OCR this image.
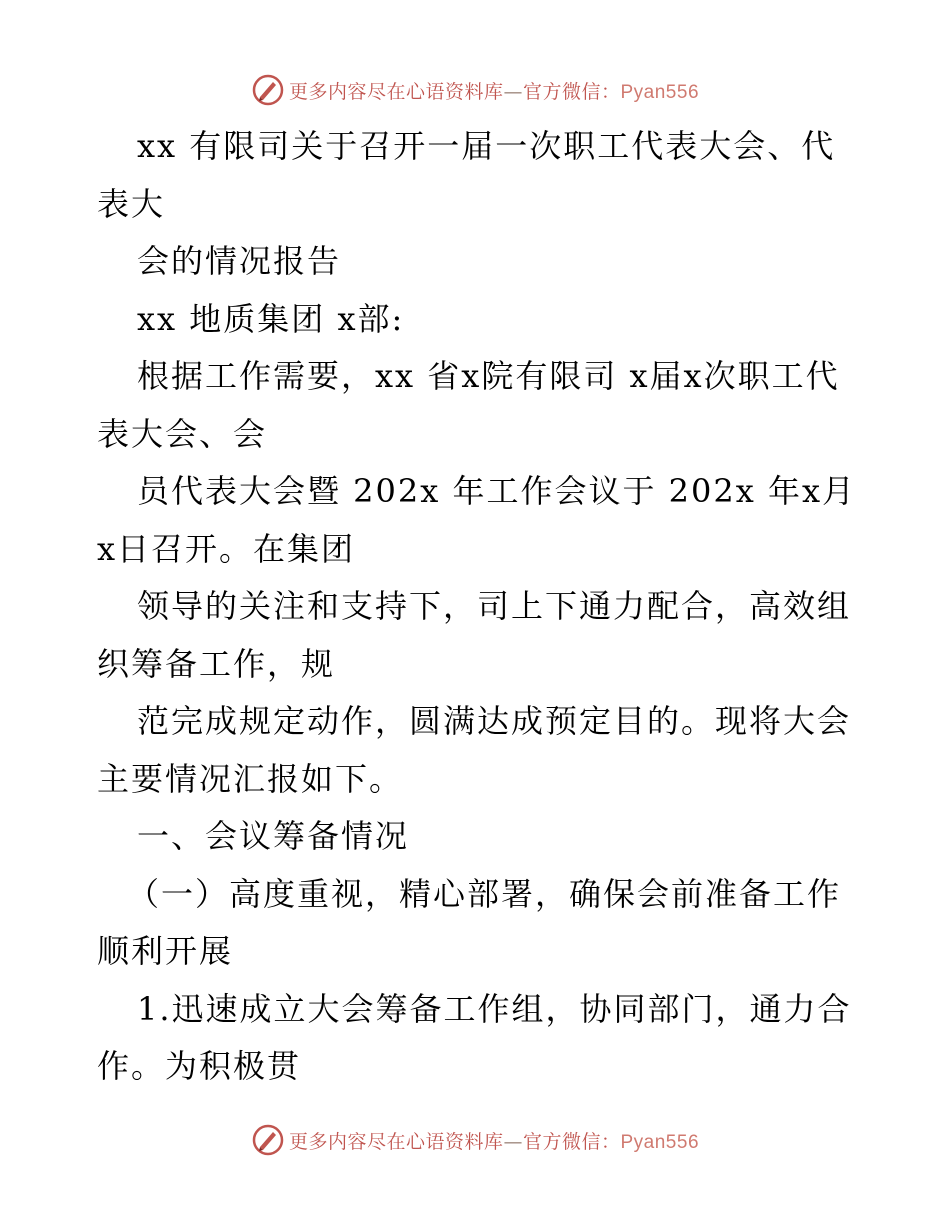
更多内容尽在心语资料库—官方微信：Pyan556

xx 有限司关于召开一届一次职工代表大会、代表大

会的情况报告

xx 地质集团 x部:

根据工作需要，xx 省x院有限司 x届x次职工代表大会、会

员代表大会暨 202x 年工作会议于 202x 年x月x日召开。在集团

领导的关注和支持下，司上下通力配合，高效组织筹备工作，规

范完成规定动作，圆满达成预定目的。现将大会主要情况汇报如下。

一、会议筹备情况

（一）高度重视，精心部署，确保会前准备工作顺利开展

1.迅速成立大会筹备工作组，协同部门，通力合作。为积极贯

更多内容尽在心语资料库—官方微信：Pyan556
